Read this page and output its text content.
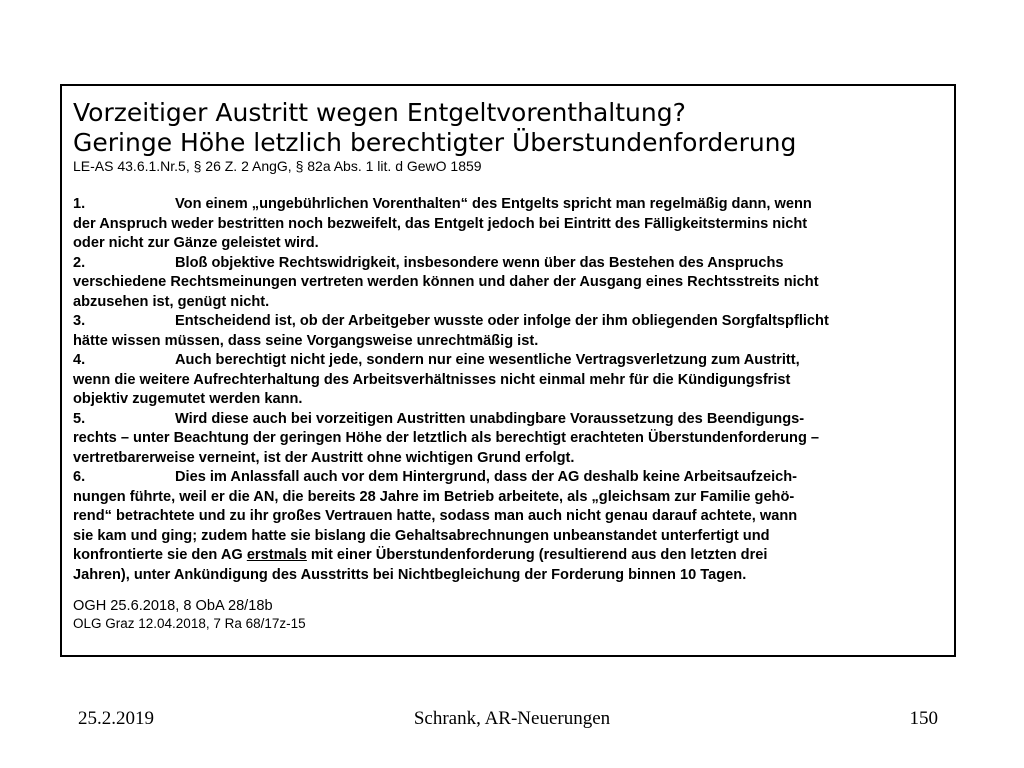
Vorzeitiger Austritt wegen Entgeltvorenthaltung?

Geringe Höhe letzlich berechtigter Überstundenforderung

LE-AS 43.6.1.Nr.5, § 26 Z. 2 AngG, § 82a Abs. 1 lit. d GewO 1859

1.	Von einem „ungebührlichen Vorenthalten“ des Entgelts spricht man regelmäßig dann, wenn

der Anspruch weder bestritten noch bezweifelt, das Entgelt jedoch bei Eintritt des Fälligkeitstermins nicht

oder nicht zur Gänze geleistet wird.

2.	Bloß objektive Rechtswidrigkeit, insbesondere wenn über das Bestehen des Anspruchs

verschiedene Rechtsmeinungen vertreten werden können und daher der Ausgang eines Rechtsstreits nicht

abzusehen ist, genügt nicht.

3.	Entscheidend ist, ob der Arbeitgeber wusste oder infolge der ihm obliegenden Sorgfaltspflicht

hätte wissen müssen, dass seine Vorgangsweise unrechtmäßig ist.

4.	Auch berechtigt nicht jede, sondern nur eine wesentliche Vertragsverletzung zum Austritt,

wenn die weitere Aufrechterhaltung des Arbeitsverhältnisses nicht einmal mehr für die Kündigungsfrist

objektiv zugemutet werden kann.

5.	Wird diese auch bei vorzeitigen Austritten unabdingbare Voraussetzung des Beendigungs-

rechts – unter Beachtung der geringen Höhe der letztlich als berechtigt erachteten Überstundenforderung –

vertretbarerweise verneint, ist der Austritt ohne wichtigen Grund erfolgt.

6.	Dies im Anlassfall auch vor dem Hintergrund, dass der AG deshalb keine Arbeitsaufzeich-

nungen führte, weil er die AN, die bereits 28 Jahre im Betrieb arbeitete, als „gleichsam zur Familie gehö-

rend“ betrachtete und zu ihr großes Vertrauen hatte, sodass man auch nicht genau darauf achtete, wann

sie kam und ging; zudem hatte sie bislang die Gehaltsabrechnungen unbeanstandet unterfertigt und

konfrontierte sie den AG erstmals mit einer Überstundenforderung (resultierend aus den letzten drei

Jahren), unter Ankündigung des Ausstritts bei Nichtbegleichung der Forderung binnen 10 Tagen.

OGH 25.6.2018, 8 ObA 28/18b

OLG Graz 12.04.2018, 7 Ra 68/17z-15

25.2.2019	Schrank, AR-Neuerungen	150
